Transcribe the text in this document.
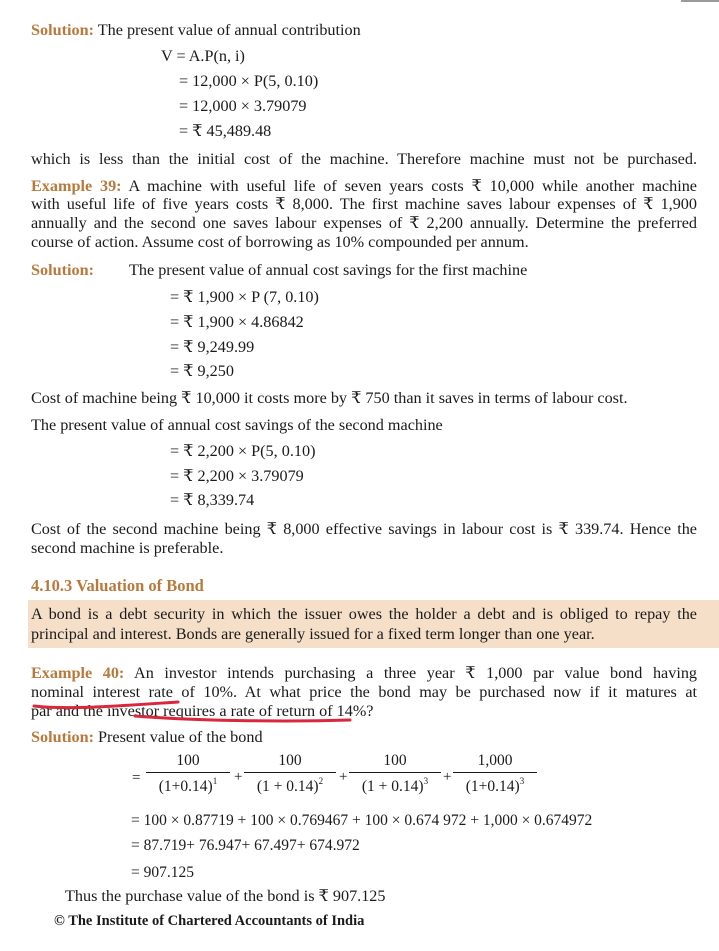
Solution: The present value of annual contribution
V = A.P(n, i)
= 12,000 × P(5, 0.10)
= 12,000 × 3.79079
= ₹ 45,489.48
which is less than the initial cost of the machine. Therefore machine must not be purchased.
Example 39: A machine with useful life of seven years costs ₹ 10,000 while another machine
with useful life of five years costs ₹ 8,000. The first machine saves labour expenses of ₹ 1,900
annually and the second one saves labour expenses of ₹ 2,200 annually. Determine the preferred
course of action. Assume cost of borrowing as 10% compounded per annum.
Solution: The present value of annual cost savings for the first machine
= ₹ 1,900 × P (7, 0.10)
= ₹ 1,900 × 4.86842
= ₹ 9,249.99
= ₹ 9,250
Cost of machine being ₹ 10,000 it costs more by ₹ 750 than it saves in terms of labour cost.
The present value of annual cost savings of the second machine
= ₹ 2,200 × P(5, 0.10)
= ₹ 2,200 × 3.79079
= ₹ 8,339.74
Cost of the second machine being ₹ 8,000 effective savings in labour cost is ₹ 339.74. Hence the
second machine is preferable.
4.10.3 Valuation of Bond
A bond is a debt security in which the issuer owes the holder a debt and is obliged to repay the
principal and interest. Bonds are generally issued for a fixed term longer than one year.
Example 40: An investor intends purchasing a three year ₹ 1,000 par value bond having
nominal interest rate of 10%. At what price the bond may be purchased now if it matures at
par and the investor requires a rate of return of 14%?
Solution: Present value of the bond
= $\frac{100}{(1+0.14)^1} + \frac{100}{(1 + 0.14)^2} + \frac{100}{(1 + 0.14)^3} + \frac{1,000}{(1+0.14)^3}$
= 100 × 0.87719 + 100 × 0.769467 + 100 × 0.674 972 + 1,000 × 0.674972
= 87.719+ 76.947+ 67.497+ 674.972
= 907.125
Thus the purchase value of the bond is ₹ 907.125
© The Institute of Chartered Accountants of India
